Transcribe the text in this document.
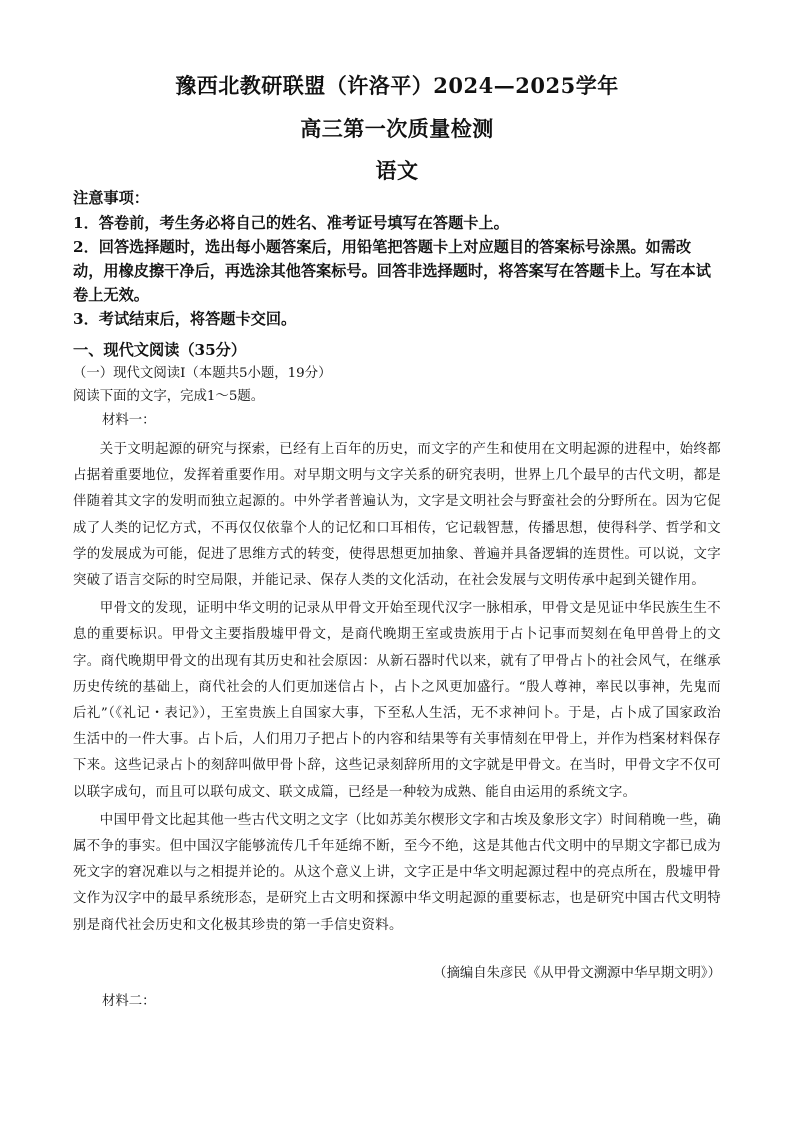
豫西北教研联盟（许洛平）2024—2025学年
高三第一次质量检测
语文
注意事项：

1．答卷前，考生务必将自己的姓名、准考证号填写在答题卡上。

2．回答选择题时，选出每小题答案后，用铅笔把答题卡上对应题目的答案标号涂黑。如需改动，用橡皮擦干净后，再选涂其他答案标号。回答非选择题时，将答案写在答题卡上。写在本试卷上无效。

3．考试结束后，将答题卡交回。

一、现代文阅读（35分）
（一）现代文阅读Ⅰ（本题共5小题，19分）
阅读下面的文字，完成1～5题。
材料一：

关于文明起源的研究与探索，已经有上百年的历史，而文字的产生和使用在文明起源的进程中，始终都占据着重要地位，发挥着重要作用。对早期文明与文字关系的研究表明，世界上几个最早的古代文明，都是伴随着其文字的发明而独立起源的。中外学者普遍认为，文字是文明社会与野蛮社会的分野所在。因为它促成了人类的记忆方式，不再仅仅依靠个人的记忆和口耳相传，它记载智慧，传播思想，使得科学、哲学和文学的发展成为可能，促进了思维方式的转变，使得思想更加抽象、普遍并具备逻辑的连贯性。可以说，文字突破了语言交际的时空局限，并能记录、保存人类的文化活动，在社会发展与文明传承中起到关键作用。

甲骨文的发现，证明中华文明的记录从甲骨文开始至现代汉字一脉相承，甲骨文是见证中华民族生生不息的重要标识。甲骨文主要指殷墟甲骨文，是商代晚期王室或贵族用于占卜记事而契刻在龟甲兽骨上的文字。商代晚期甲骨文的出现有其历史和社会原因：从新石器时代以来，就有了甲骨占卜的社会风气，在继承历史传统的基础上，商代社会的人们更加迷信占卜，占卜之风更加盛行。“殷人尊神，率民以事神，先鬼而后礼”（《礼记・表记》），王室贵族上自国家大事，下至私人生活，无不求神问卜。于是，占卜成了国家政治生活中的一件大事。占卜后，人们用刀子把占卜的内容和结果等有关事情刻在甲骨上，并作为档案材料保存下来。这些记录占卜的刻辞叫做甲骨卜辞，这些记录刻辞所用的文字就是甲骨文。在当时，甲骨文字不仅可以联字成句，而且可以联句成文、联文成篇，已经是一种较为成熟、能自由运用的系统文字。

中国甲骨文比起其他一些古代文明之文字（比如苏美尔楔形文字和古埃及象形文字）时间稍晚一些，确属不争的事实。但中国汉字能够流传几千年延绵不断，至今不绝，这是其他古代文明中的早期文字都已成为死文字的窘况难以与之相提并论的。从这个意义上讲，文字正是中华文明起源过程中的亮点所在，殷墟甲骨文作为汉字中的最早系统形态，是研究上古文明和探源中华文明起源的重要标志，也是研究中国古代文明特别是商代社会历史和文化极其珍贵的第一手信史资料。

（摘编自朱彦民《从甲骨文溯源中华早期文明》）
材料二：
